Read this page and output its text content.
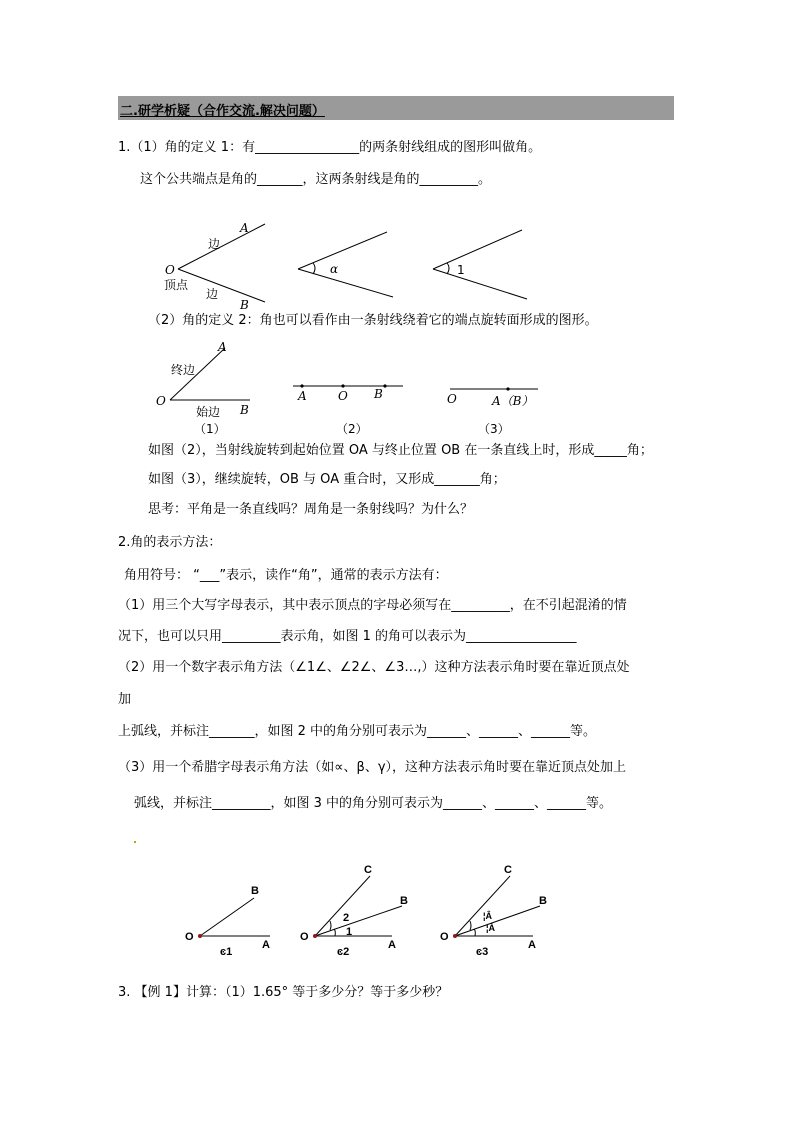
二.研学析疑（合作交流.解决问题）
1.（1）角的定义 1：有________________的两条射线组成的图形叫做角。
这个公共端点是角的_______，这两条射线是角的_________。
O
顶点
边
边
A
B
α	1
（2）角的定义 2：角也可以看作由一条射线绕着它的端点旋转面形成的图形。
A
终边
O
始边 B
（1）
A	O B
（2）
O	A（B）
（3）
如图（2），当射线旋转到起始位置 OA 与终止位置 OB 在一条直线上时，形成_____角；
如图（3），继续旋转，OB 与 OA 重合时，又形成_______角；
思考：平角是一条直线吗？周角是一条射线吗？为什么？
2.角的表示方法：
角用符号： “___”表示，读作“角”，通常的表示方法有：
（1）用三个大写字母表示，其中表示顶点的字母必须写在_________，在不引起混淆的情
况下，也可以只用_________表示角，如图 1 的角可以表示为_________________
（2）用一个数字表示角方法（∠1∠、∠2∠、∠3…,）这种方法表示角时要在靠近顶点处
加
上弧线，并标注_______，如图 2 中的角分别可表示为______、______、______等。
（3）用一个希腊字母表示角方法（如∝、β、γ），这种方法表示角时要在靠近顶点处加上
弧线，并标注_________，如图 3 中的角分别可表示为______、______、______等。
O
B
A
ͼ1
O
C
B
A
2
1
ͼ2
O
C
B
A
¦Â
¦Á
ͼ3
3. 【例 1】计算：（1）1.65° 等于多少分？等于多少秒？
